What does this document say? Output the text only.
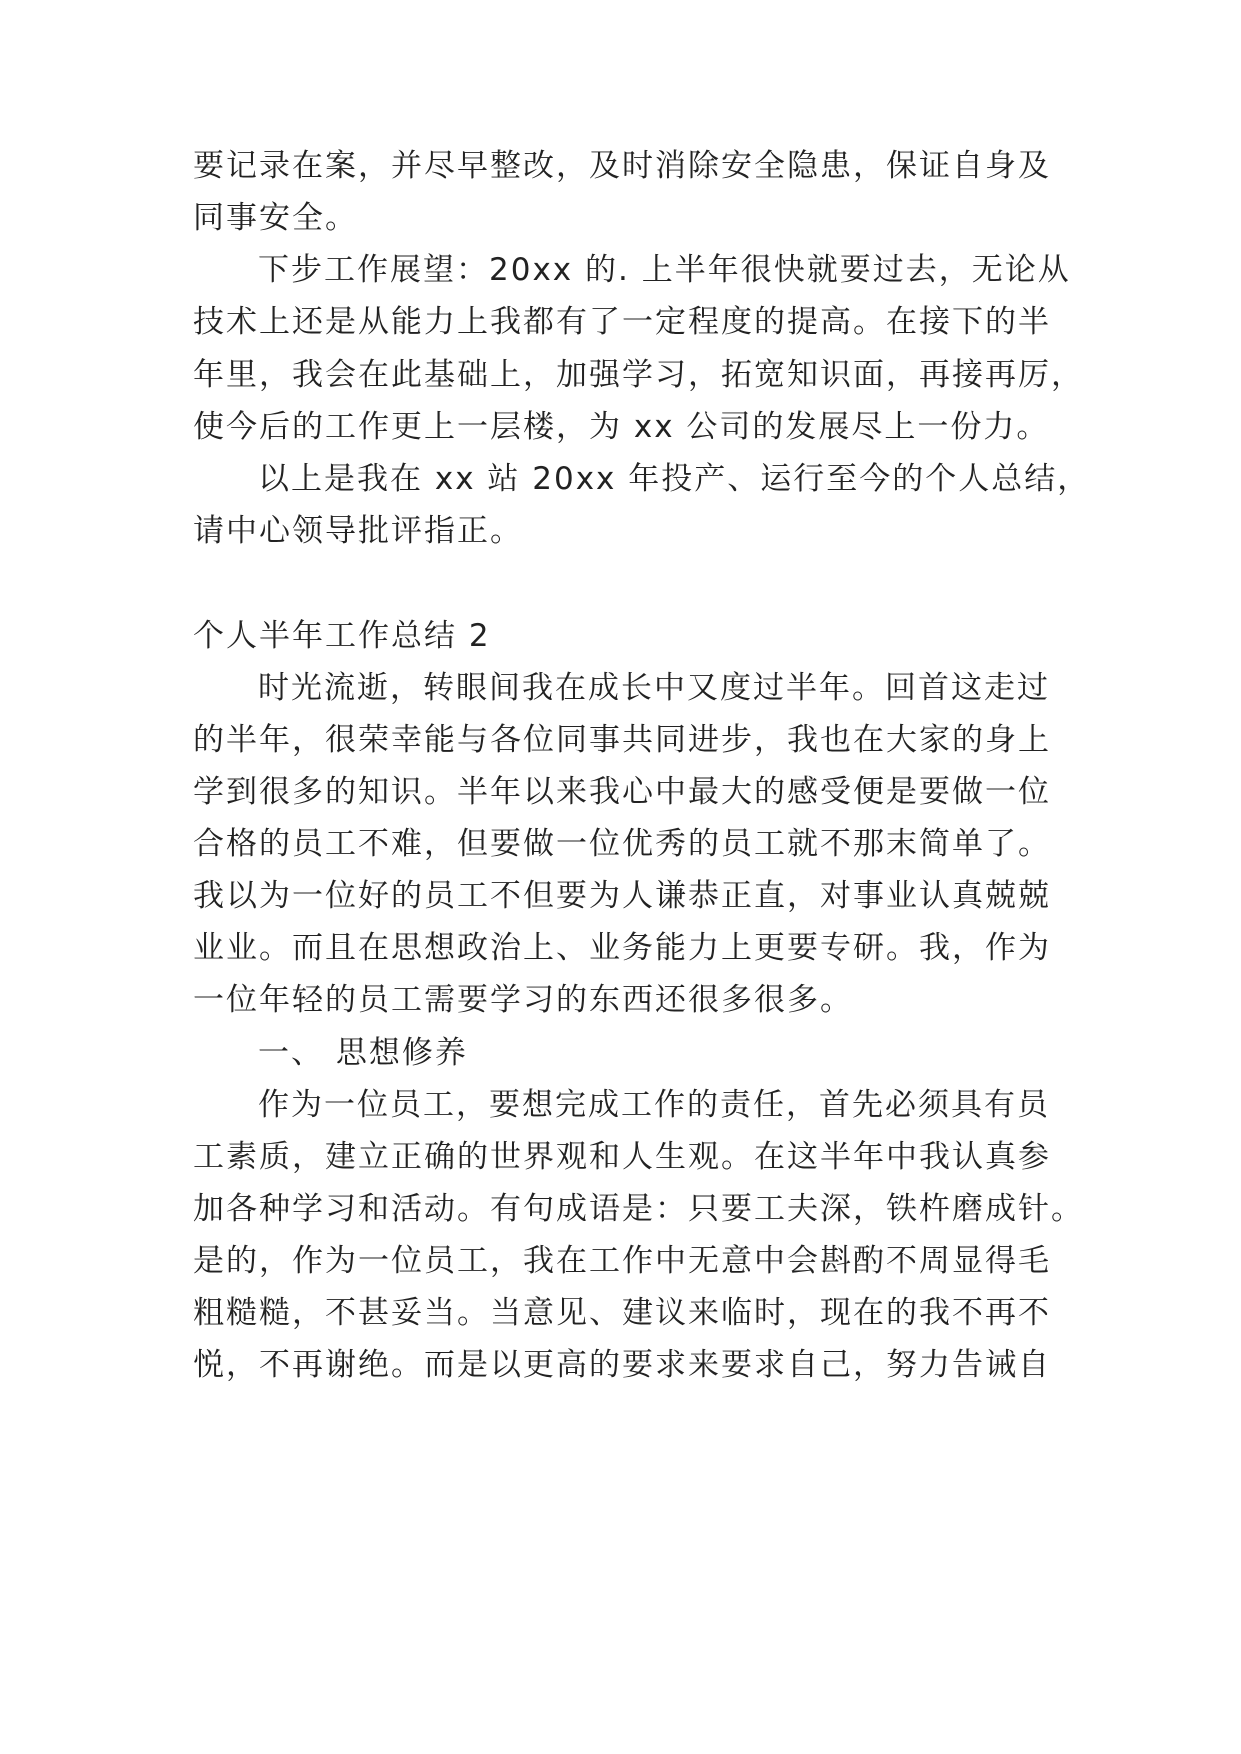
要记录在案，并尽早整改，及时消除安全隐患，保证自身及
同事安全。
下步工作展望：20xx 的. 上半年很快就要过去，无论从
技术上还是从能力上我都有了一定程度的提高。在接下的半
年里，我会在此基础上，加强学习，拓宽知识面，再接再厉，
使今后的工作更上一层楼，为 xx 公司的发展尽上一份力。
以上是我在 xx 站 20xx 年投产、运行至今的个人总结，
请中心领导批评指正。
个人半年工作总结 2
时光流逝，转眼间我在成长中又度过半年。回首这走过
的半年，很荣幸能与各位同事共同进步，我也在大家的身上
学到很多的知识。半年以来我心中最大的感受便是要做一位
合格的员工不难，但要做一位优秀的员工就不那末简单了。
我以为一位好的员工不但要为人谦恭正直，对事业认真兢兢
业业。而且在思想政治上、业务能力上更要专研。我，作为
一位年轻的员工需要学习的东西还很多很多。
一、 思想修养
作为一位员工，要想完成工作的责任，首先必须具有员
工素质，建立正确的世界观和人生观。在这半年中我认真参
加各种学习和活动。有句成语是：只要工夫深，铁杵磨成针。
是的，作为一位员工，我在工作中无意中会斟酌不周显得毛
粗糙糙，不甚妥当。当意见、建议来临时，现在的我不再不
悦，不再谢绝。而是以更高的要求来要求自己，努力告诫自
